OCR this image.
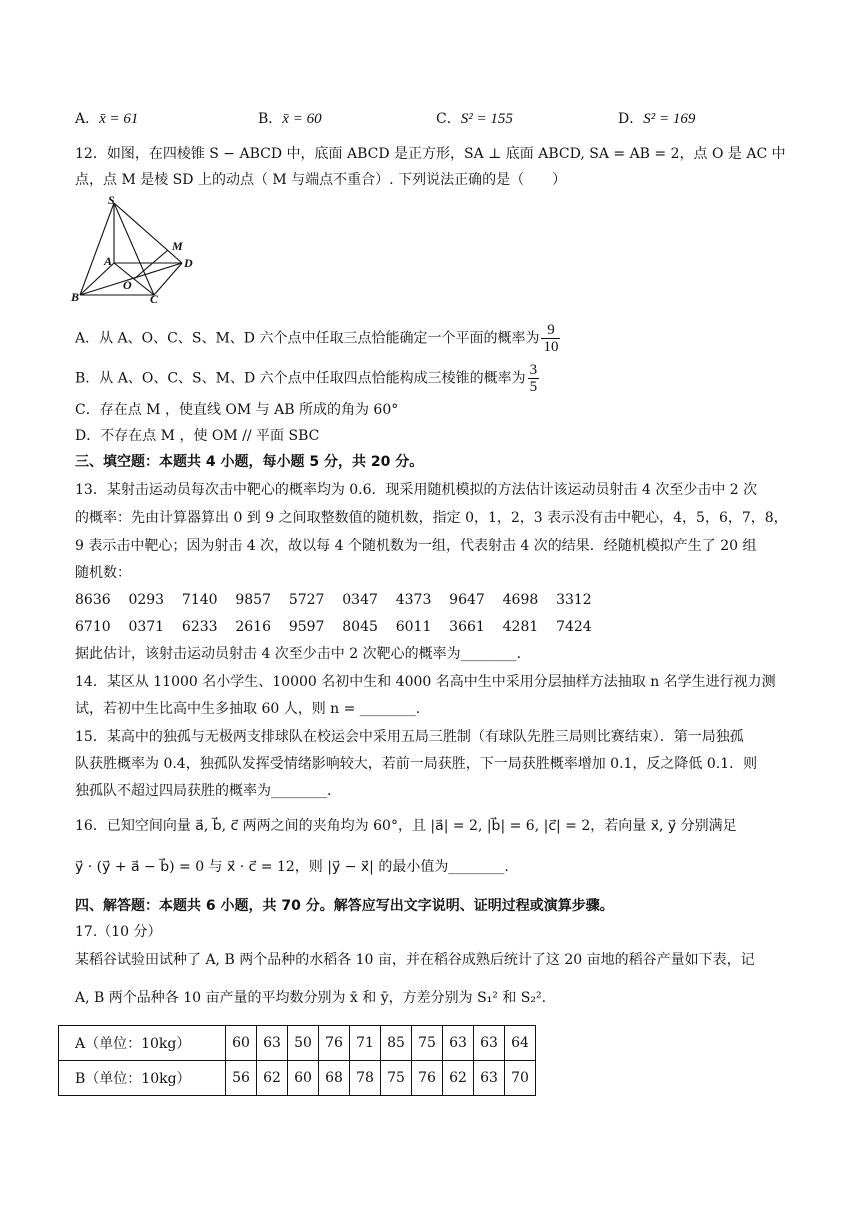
A．x̄ = 61	B．x̄ = 60	C．S² = 155	D．S² = 169
12．如图，在四棱锥 S − ABCD 中，底面 ABCD 是正方形，SA ⊥ 底面 ABCD, SA = AB = 2，点 O 是 AC 中
点，点 M 是棱 SD 上的动点（ M 与端点不重合）. 下列说法正确的是（　　）
S
M
A	D
O
B	C
A．从 A、O、C、S、M、D 六个点中任取三点恰能确定一个平面的概率为 $\frac{9}{10}$
B．从 A、O、C、S、M、D 六个点中任取四点恰能构成三棱锥的概率为 $\frac{3}{5}$
C．存在点 M ，使直线 OM 与 AB 所成的角为 60°
D．不存在点 M ，使 OM // 平面 SBC
三、填空题：本题共 4 小题，每小题 5 分，共 20 分。
13．某射击运动员每次击中靶心的概率均为 0.6．现采用随机模拟的方法估计该运动员射击 4 次至少击中 2 次
的概率：先由计算器算出 0 到 9 之间取整数值的随机数，指定 0，1，2，3 表示没有击中靶心，4，5，6，7，8，
9 表示击中靶心；因为射击 4 次，故以每 4 个随机数为一组，代表射击 4 次的结果．经随机模拟产生了 20 组
随机数：
8636 0293 7140 9857 5727 0347 4373 9647 4698 3312
6710 0371 6233 2616 9597 8045 6011 3661 4281 7424
据此估计，该射击运动员射击 4 次至少击中 2 次靶心的概率为________.
14．某区从 11000 名小学生、10000 名初中生和 4000 名高中生中采用分层抽样方法抽取 n 名学生进行视力测
试，若初中生比高中生多抽取 60 人，则 n = ________.
15．某高中的独孤与无极两支排球队在校运会中采用五局三胜制（有球队先胜三局则比赛结束）．第一局独孤
队获胜概率为 0.4，独孤队发挥受情绪影响较大，若前一局获胜，下一局获胜概率增加 0.1，反之降低 0.1．则
独孤队不超过四局获胜的概率为________.
16．已知空间向量 a⃗, b⃗, c⃗ 两两之间的夹角均为 60°，且 |a⃗| = 2, |b⃗| = 6, |c⃗| = 2，若向量 x⃗, y⃗ 分别满足
y⃗ · (y⃗ + a⃗ − b⃗) = 0 与 x⃗ · c⃗ = 12，则 |y⃗ − x⃗| 的最小值为________.
四、解答题：本题共 6 小题，共 70 分。解答应写出文字说明、证明过程或演算步骤。
17.（10 分）
某稻谷试验田试种了 A, B 两个品种的水稻各 10 亩，并在稻谷成熟后统计了这 20 亩地的稻谷产量如下表，记
A, B 两个品种各 10 亩产量的平均数分别为 x̄ 和 ȳ，方差分别为 S₁² 和 S₂².
A（单位：10kg）	60	63	50	76	71	85	75	63	63	64
B（单位：10kg）	56	62	60	68	78	75	76	62	63	70
